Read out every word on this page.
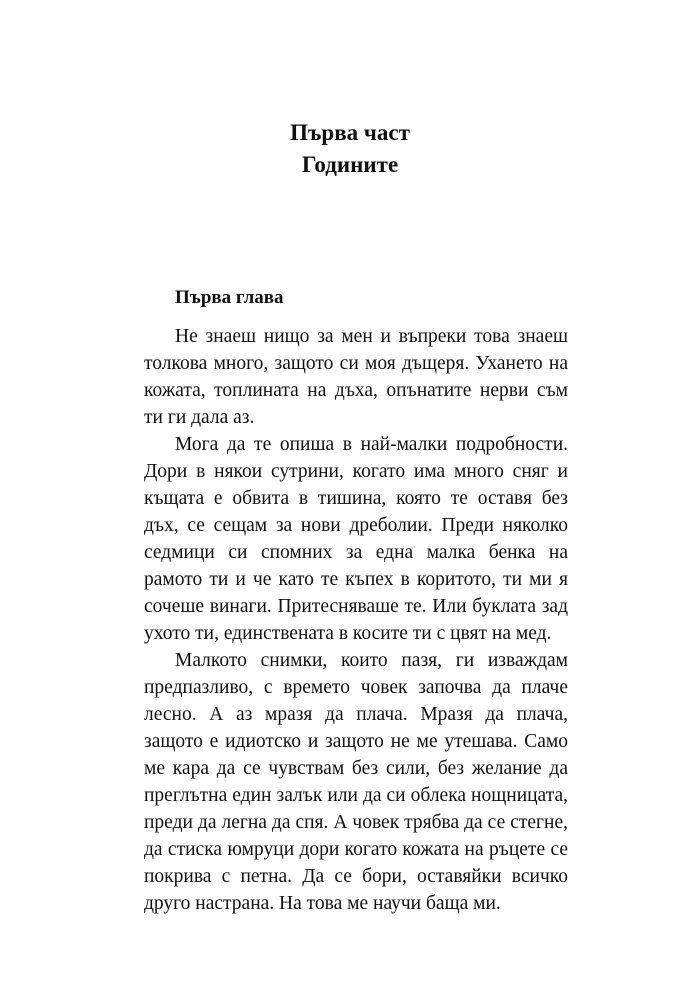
Първа част
Годините
Първа глава

Не знаеш нищо за мен и въпреки това знаеш толкова много, защото си моя дъщеря. Ухането на кожата, топлината на дъха, опънатите нерви съм ти ги дала аз.

Мога да те опиша в най-малки подробности. Дори в някои сутрини, когато има много сняг и къщата е обвита в тишина, която те оставя без дъх, се сещам за нови дреболии. Преди няколко седмици си спомних за една малка бенка на рамото ти и че като те къпех в коритото, ти ми я сочеше винаги. Притесняваше те. Или буклата зад ухото ти, единствената в косите ти с цвят на мед.

Малкото снимки, които пазя, ги изваждам предпазливо, с времето човек започва да плаче лесно. А аз мразя да плача. Мразя да плача, защото е идиотско и защото не ме утешава. Само ме кара да се чувствам без сили, без желание да преглътна един залък или да си облека нощницата, преди да легна да спя. А човек трябва да се стегне, да стиска юмруци дори когато кожата на ръцете се покрива с петна. Да се бори, оставяйки всичко друго настрана. На това ме научи баща ми.
